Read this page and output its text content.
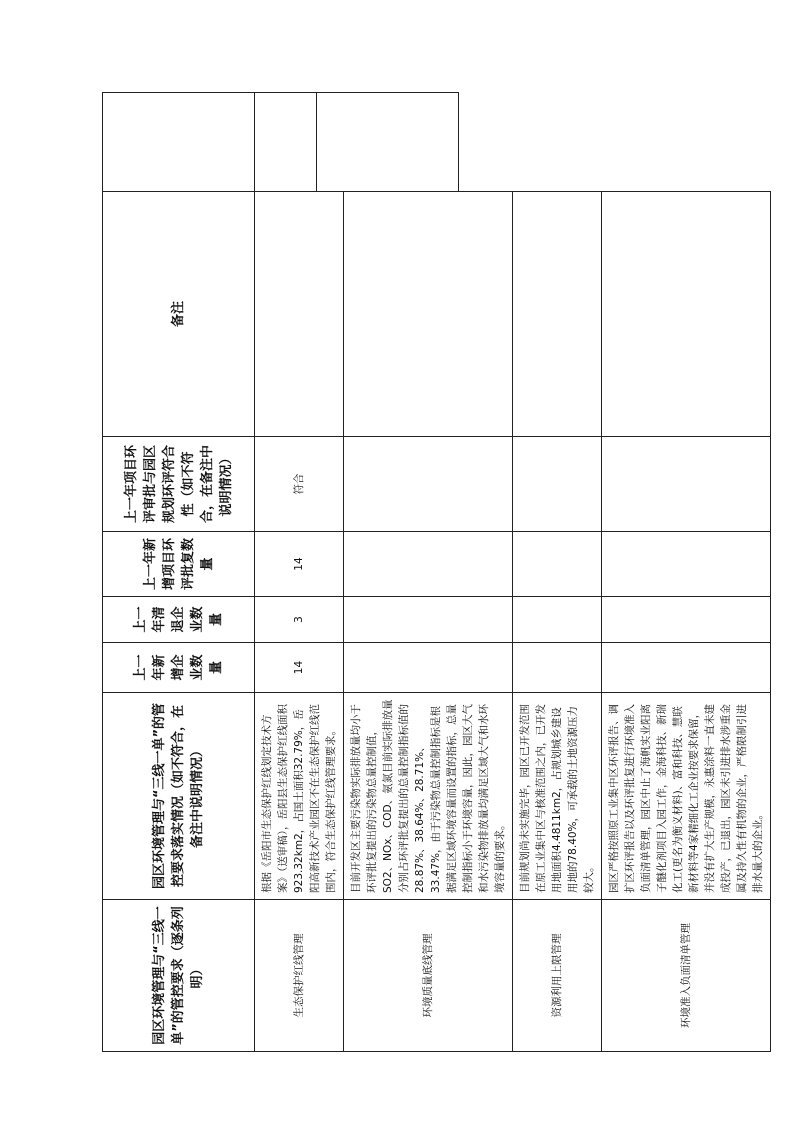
园区环境管理与“三线一单”的管控要求（逐条列明）	园区环境管理与“三线一单”的管控要求落实情况（如不符合，在备注中说明情况）	上一年新增企业数量	上一年清退企业数量	上一年新增项目环评批复数量	上一年项目环评审批与园区规划环评符合性（如不符合，在备注中说明情况）	备注
生态保护红线管理	根据《岳阳市生态保护红线划定技术方案》（送审稿），岳阳县生态保护红线面积923.32km2，占国土面积32.79%，岳阳高新技术产业园区不在生态保护红线范围内，符合生态保护红线管理要求。	14	3	14	符合	
环境质量底线管理	目前开发区主要污染物实际排放量均小于环评批复提出的污染物总量控制值，SO2、NOx、COD、氨氮目前实际排放量分别占环评批复提出的总量控制指标值的28.87%、38.64%、28.71%、33.47%，由于污染物总量控制指标是根据满足区域环境容量而设置的指标，总量控制指标小于环境容量，因此，园区大气和水污染物排放量均满足区域大气和水环境容量的要求。					
资源利用上限管理	目前规划尚未实施完毕，园区已开发范围在原工业集中区与核准范围之内，已开发用地面积4.4811km2，占规划城乡建设用地的78.40%，可承载的土地资源压力较大。					
环境准入负面清单管理	园区严格按照原工业集中区环评报告、调扩区环评报告以及环评批复进行环境准入负面清单管理，园区中止了海帆实业阳离子醚化剂项目入园工作，金海科技、新瑞化工(更名为衡义材料)、富和科技、慧联新材料等4家精细化工企业按要求保留，并没有扩大生产规模，永惠涂料一直未建成投产，已退出，园区未引进排水涉重金属及持久性有机物的企业，严格限制引进排水量大的企业。					
